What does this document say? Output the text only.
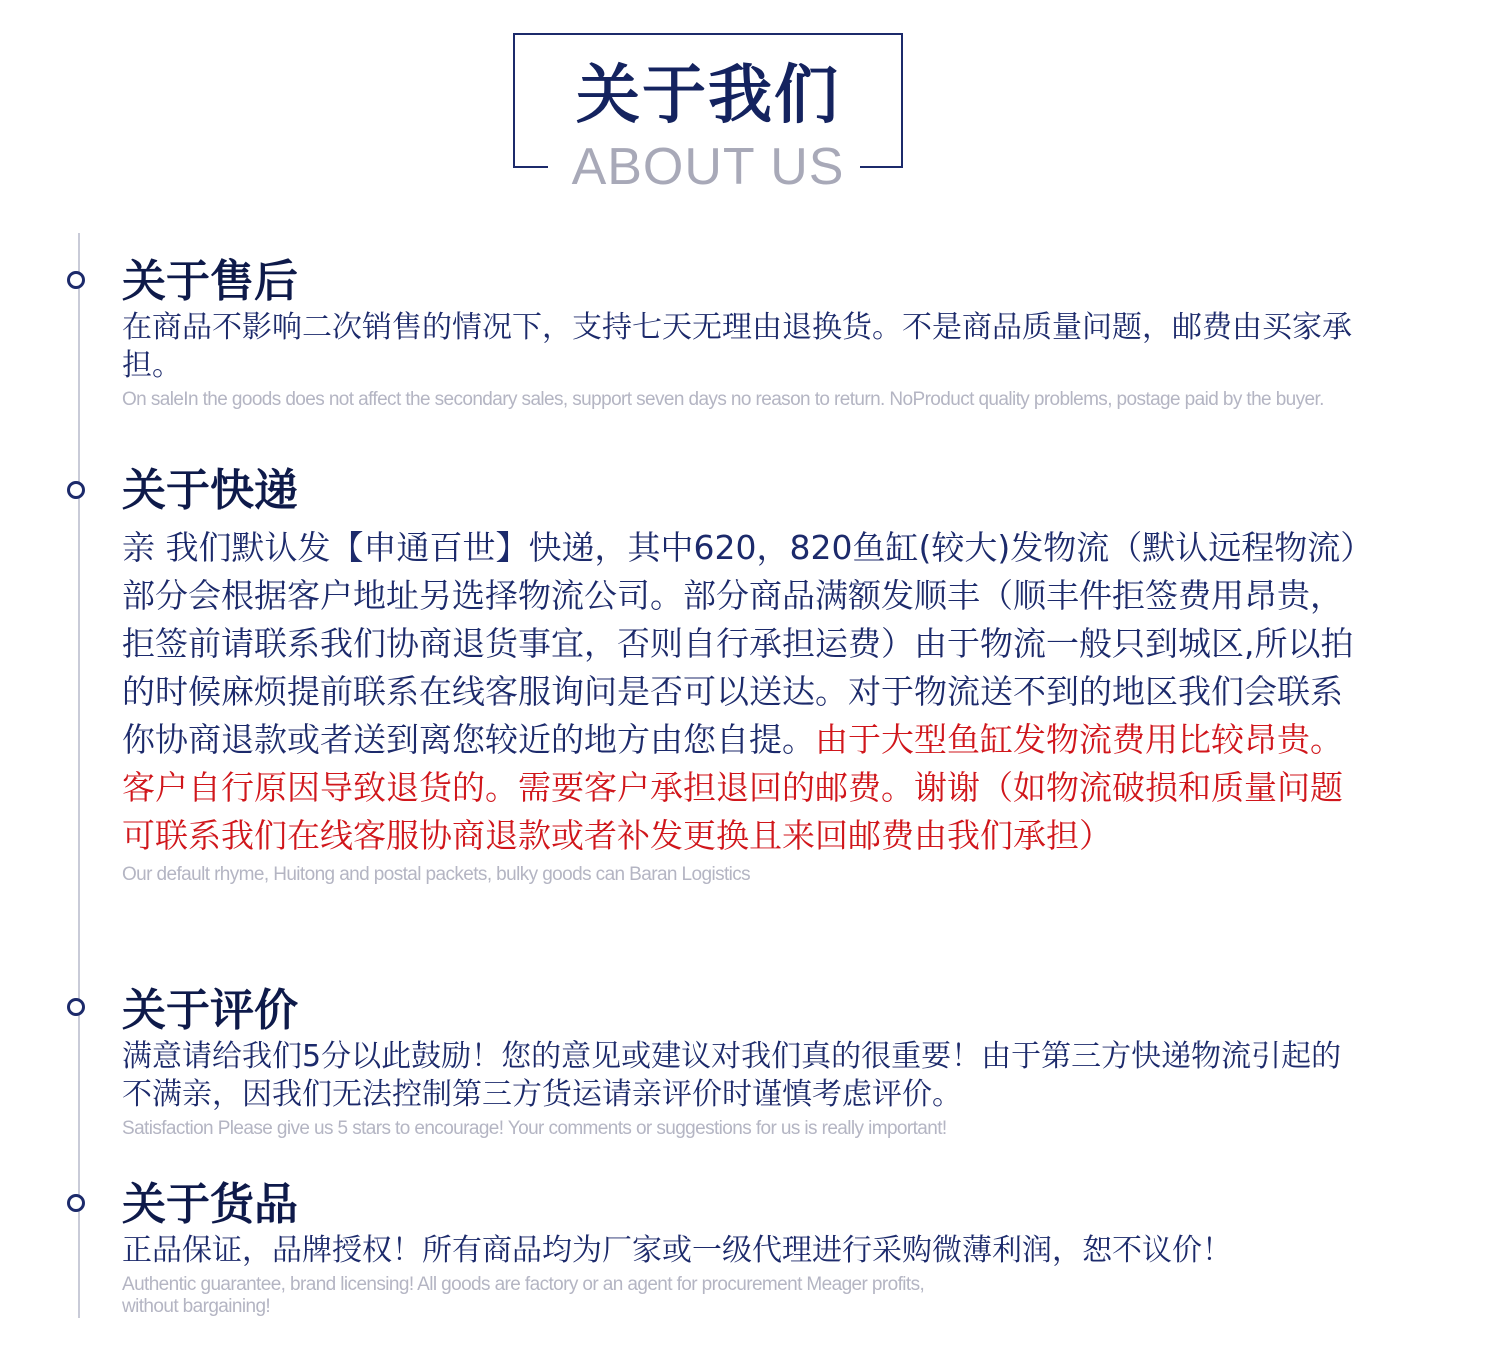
关于我们
ABOUT US
关于售后

在商品不影响二次销售的情况下，支持七天无理由退换货。不是商品质量问题，邮费由买家承担。

On saleIn the goods does not affect the secondary sales, support seven days no reason to return. NoProduct quality problems, postage paid by the buyer.

关于快递

亲 我们默认发【申通百世】快递，其中620，820鱼缸(较大)发物流（默认远程物流）部分会根据客户地址另选择物流公司。部分商品满额发顺丰（顺丰件拒签费用昂贵，拒签前请联系我们协商退货事宜，否则自行承担运费）由于物流一般只到城区,所以拍的时候麻烦提前联系在线客服询问是否可以送达。对于物流送不到的地区我们会联系你协商退款或者送到离您较近的地方由您自提。由于大型鱼缸发物流费用比较昂贵。客户自行原因导致退货的。需要客户承担退回的邮费。谢谢（如物流破损和质量问题可联系我们在线客服协商退款或者补发更换且来回邮费由我们承担）

Our default rhyme, Huitong and postal packets, bulky goods can Baran Logistics

关于评价

满意请给我们5分以此鼓励！您的意见或建议对我们真的很重要！由于第三方快递物流引起的不满亲，因我们无法控制第三方货运请亲评价时谨慎考虑评价。

Satisfaction Please give us 5 stars to encourage! Your comments or suggestions for us is really important!

关于货品

正品保证，品牌授权！所有商品均为厂家或一级代理进行采购微薄利润，恕不议价！

Authentic guarantee, brand licensing! All goods are factory or an agent for procurement Meager profits, without bargaining!
